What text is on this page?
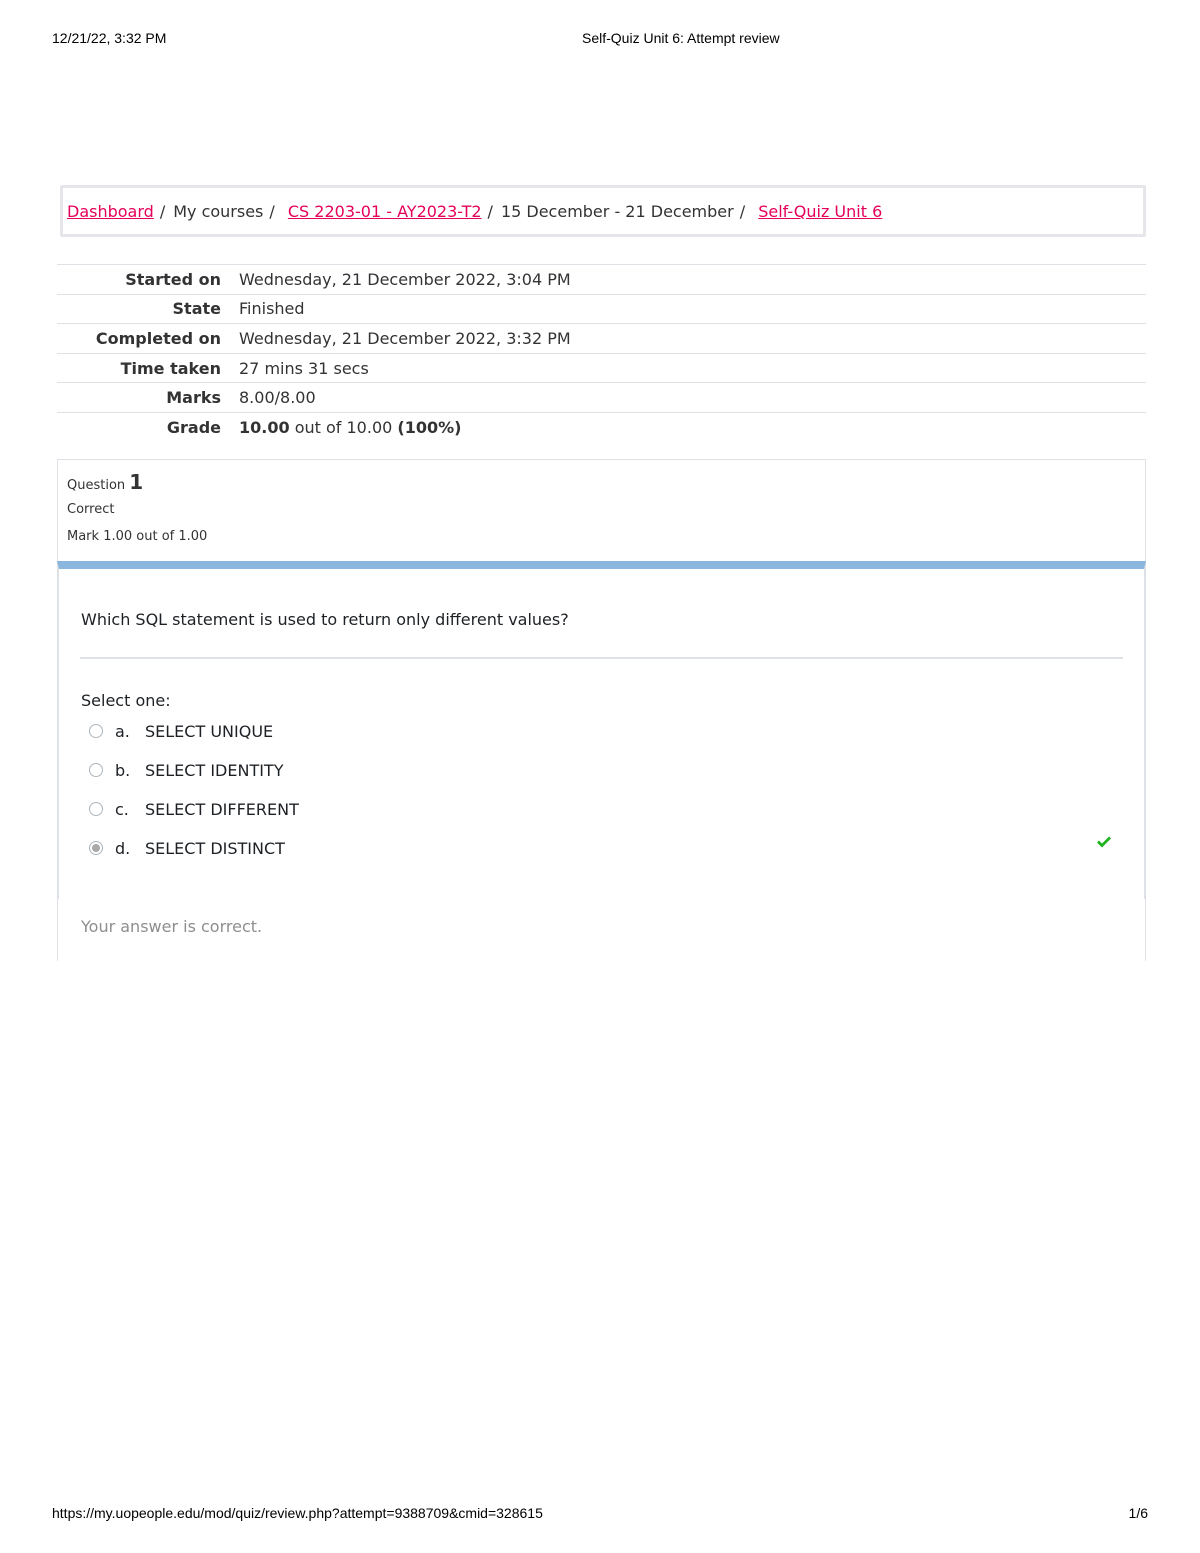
12/21/22, 3:32 PM	Self-Quiz Unit 6: Attempt review
Dashboard / My courses / CS 2203-01 - AY2023-T2 / 15 December - 21 December / Self-Quiz Unit 6
Started on	Wednesday, 21 December 2022, 3:04 PM
State	Finished
Completed on	Wednesday, 21 December 2022, 3:32 PM
Time taken	27 mins 31 secs
Marks	8.00/8.00
Grade	10.00 out of 10.00 (100%)
Question 1
Correct
Mark 1.00 out of 1.00
Which SQL statement is used to return only different values?
Select one:
a. SELECT UNIQUE
b. SELECT IDENTITY
c.	SELECT DIFFERENT
d. SELECT DISTINCT
Your answer is correct.
https://my.uopeople.edu/mod/quiz/review.php?attempt=9388709&cmid=328615	1/6
